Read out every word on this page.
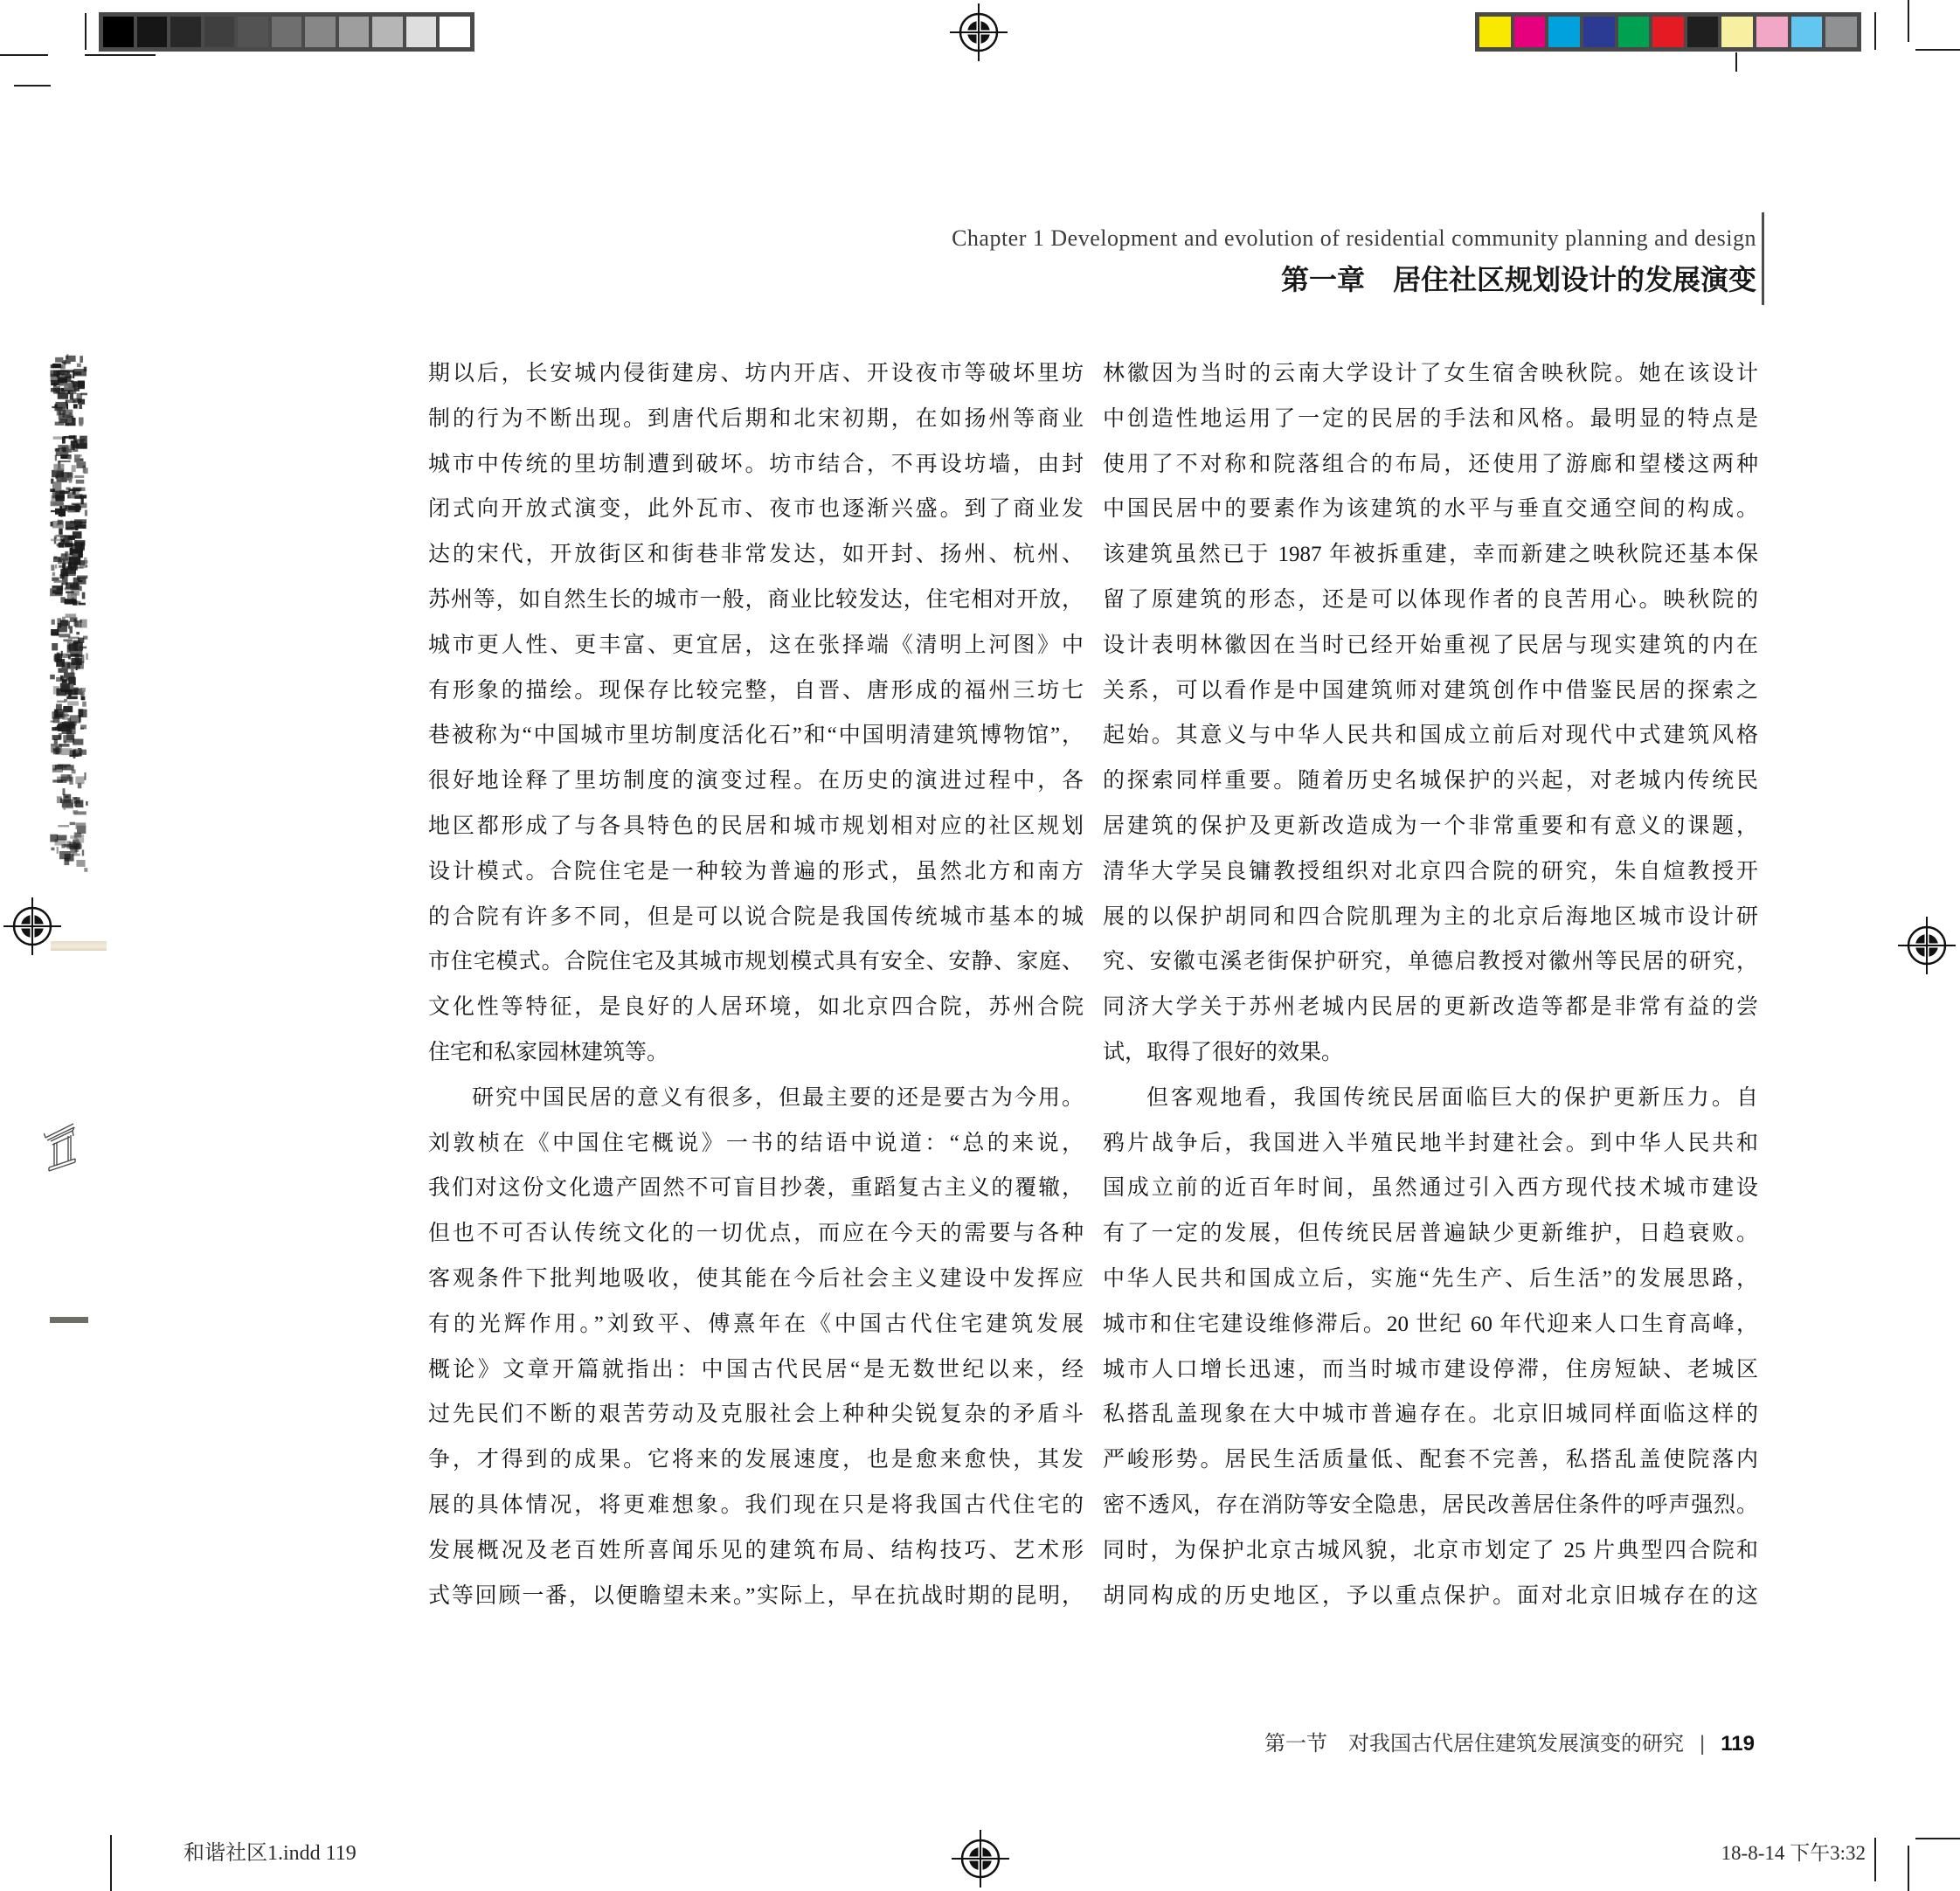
Chapter 1 Development and evolution of residential community planning and design
第一章　居住社区规划设计的发展演变
期以后，长安城内侵街建房、坊内开店、开设夜市等破坏里坊
制的行为不断出现。到唐代后期和北宋初期，在如扬州等商业
城市中传统的里坊制遭到破坏。坊市结合，不再设坊墙，由封
闭式向开放式演变，此外瓦市、夜市也逐渐兴盛。到了商业发
达的宋代，开放街区和街巷非常发达，如开封、扬州、杭州、
苏州等，如自然生长的城市一般，商业比较发达，住宅相对开放，
城市更人性、更丰富、更宜居，这在张择端《清明上河图》中
有形象的描绘。现保存比较完整，自晋、唐形成的福州三坊七
巷被称为“中国城市里坊制度活化石”和“中国明清建筑博物馆”，
很好地诠释了里坊制度的演变过程。在历史的演进过程中，各
地区都形成了与各具特色的民居和城市规划相对应的社区规划
设计模式。合院住宅是一种较为普遍的形式，虽然北方和南方
的合院有许多不同，但是可以说合院是我国传统城市基本的城
市住宅模式。合院住宅及其城市规划模式具有安全、安静、家庭、
文化性等特征，是良好的人居环境，如北京四合院，苏州合院
住宅和私家园林建筑等。
研究中国民居的意义有很多，但最主要的还是要古为今用。
刘敦桢在《中国住宅概说》一书的结语中说道：“总的来说，
我们对这份文化遗产固然不可盲目抄袭，重蹈复古主义的覆辙，
但也不可否认传统文化的一切优点，而应在今天的需要与各种
客观条件下批判地吸收，使其能在今后社会主义建设中发挥应
有的光辉作用。”刘致平、傅熹年在《中国古代住宅建筑发展
概论》文章开篇就指出：中国古代民居“是无数世纪以来，经
过先民们不断的艰苦劳动及克服社会上种种尖锐复杂的矛盾斗
争，才得到的成果。它将来的发展速度，也是愈来愈快，其发
展的具体情况，将更难想象。我们现在只是将我国古代住宅的
发展概况及老百姓所喜闻乐见的建筑布局、结构技巧、艺术形
式等回顾一番，以便瞻望未来。”实际上，早在抗战时期的昆明，
林徽因为当时的云南大学设计了女生宿舍映秋院。她在该设计
中创造性地运用了一定的民居的手法和风格。最明显的特点是
使用了不对称和院落组合的布局，还使用了游廊和望楼这两种
中国民居中的要素作为该建筑的水平与垂直交通空间的构成。
该建筑虽然已于 1987 年被拆重建，幸而新建之映秋院还基本保
留了原建筑的形态，还是可以体现作者的良苦用心。映秋院的
设计表明林徽因在当时已经开始重视了民居与现实建筑的内在
关系，可以看作是中国建筑师对建筑创作中借鉴民居的探索之
起始。其意义与中华人民共和国成立前后对现代中式建筑风格
的探索同样重要。随着历史名城保护的兴起，对老城内传统民
居建筑的保护及更新改造成为一个非常重要和有意义的课题，
清华大学吴良镛教授组织对北京四合院的研究，朱自煊教授开
展的以保护胡同和四合院肌理为主的北京后海地区城市设计研
究、安徽屯溪老街保护研究，单德启教授对徽州等民居的研究，
同济大学关于苏州老城内民居的更新改造等都是非常有益的尝
试，取得了很好的效果。
但客观地看，我国传统民居面临巨大的保护更新压力。自
鸦片战争后，我国进入半殖民地半封建社会。到中华人民共和
国成立前的近百年时间，虽然通过引入西方现代技术城市建设
有了一定的发展，但传统民居普遍缺少更新维护，日趋衰败。
中华人民共和国成立后，实施“先生产、后生活”的发展思路，
城市和住宅建设维修滞后。20 世纪 60 年代迎来人口生育高峰，
城市人口增长迅速，而当时城市建设停滞，住房短缺、老城区
私搭乱盖现象在大中城市普遍存在。北京旧城同样面临这样的
严峻形势。居民生活质量低、配套不完善，私搭乱盖使院落内
密不透风，存在消防等安全隐患，居民改善居住条件的呼声强烈。
同时，为保护北京古城风貌，北京市划定了 25 片典型四合院和
胡同构成的历史地区，予以重点保护。面对北京旧城存在的这
第一节　对我国古代居住建筑发展演变的研究 | 119
和谐社区1.indd 119	18-8-14 下午3:32
